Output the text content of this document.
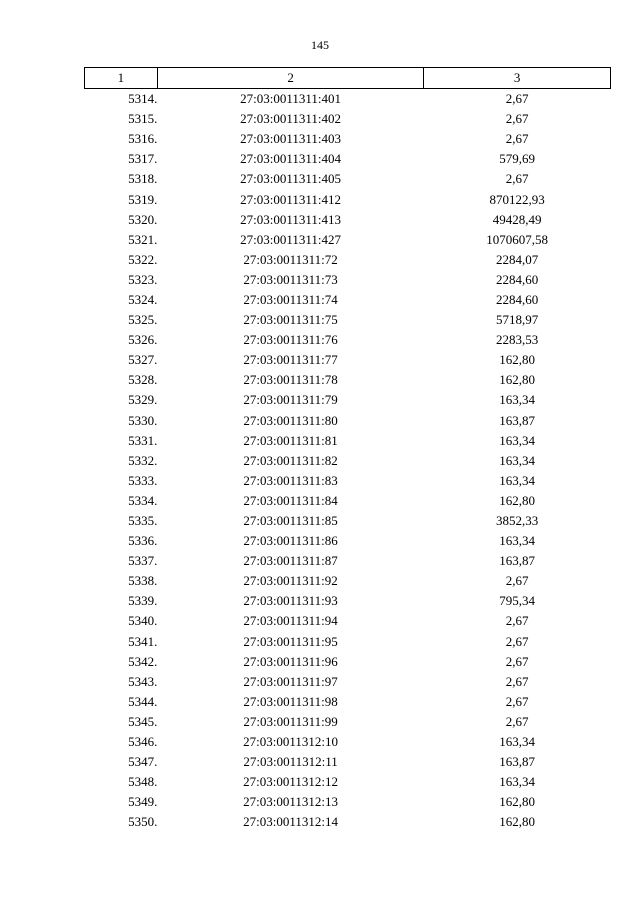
145
1	2	3
5314.	27:03:0011311:401	2,67
5315.	27:03:0011311:402	2,67
5316.	27:03:0011311:403	2,67
5317.	27:03:0011311:404	579,69
5318.	27:03:0011311:405	2,67
5319.	27:03:0011311:412	870122,93
5320.	27:03:0011311:413	49428,49
5321.	27:03:0011311:427	1070607,58
5322.	27:03:0011311:72	2284,07
5323.	27:03:0011311:73	2284,60
5324.	27:03:0011311:74	2284,60
5325.	27:03:0011311:75	5718,97
5326.	27:03:0011311:76	2283,53
5327.	27:03:0011311:77	162,80
5328.	27:03:0011311:78	162,80
5329.	27:03:0011311:79	163,34
5330.	27:03:0011311:80	163,87
5331.	27:03:0011311:81	163,34
5332.	27:03:0011311:82	163,34
5333.	27:03:0011311:83	163,34
5334.	27:03:0011311:84	162,80
5335.	27:03:0011311:85	3852,33
5336.	27:03:0011311:86	163,34
5337.	27:03:0011311:87	163,87
5338.	27:03:0011311:92	2,67
5339.	27:03:0011311:93	795,34
5340.	27:03:0011311:94	2,67
5341.	27:03:0011311:95	2,67
5342.	27:03:0011311:96	2,67
5343.	27:03:0011311:97	2,67
5344.	27:03:0011311:98	2,67
5345.	27:03:0011311:99	2,67
5346.	27:03:0011312:10	163,34
5347.	27:03:0011312:11	163,87
5348.	27:03:0011312:12	163,34
5349.	27:03:0011312:13	162,80
5350.	27:03:0011312:14	162,80
